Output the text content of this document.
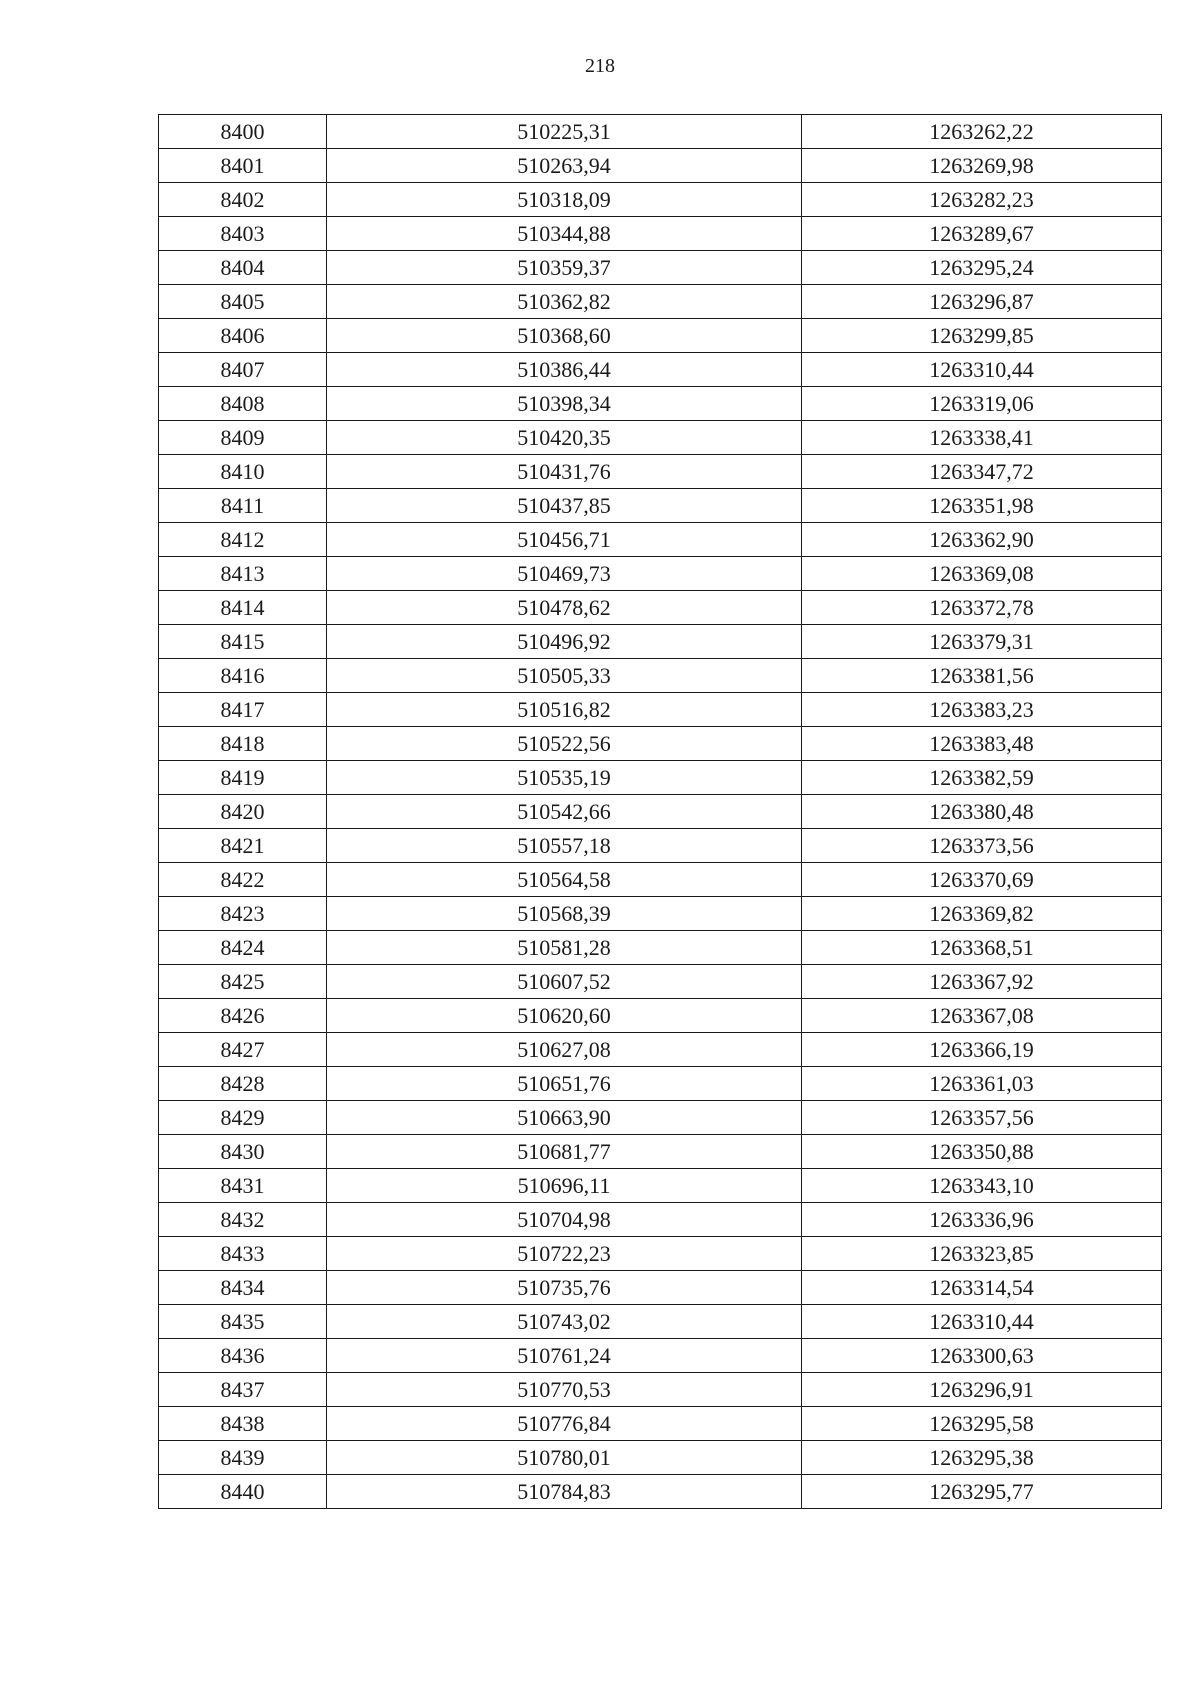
218
8400	510225,31	1263262,22
8401	510263,94	1263269,98
8402	510318,09	1263282,23
8403	510344,88	1263289,67
8404	510359,37	1263295,24
8405	510362,82	1263296,87
8406	510368,60	1263299,85
8407	510386,44	1263310,44
8408	510398,34	1263319,06
8409	510420,35	1263338,41
8410	510431,76	1263347,72
8411	510437,85	1263351,98
8412	510456,71	1263362,90
8413	510469,73	1263369,08
8414	510478,62	1263372,78
8415	510496,92	1263379,31
8416	510505,33	1263381,56
8417	510516,82	1263383,23
8418	510522,56	1263383,48
8419	510535,19	1263382,59
8420	510542,66	1263380,48
8421	510557,18	1263373,56
8422	510564,58	1263370,69
8423	510568,39	1263369,82
8424	510581,28	1263368,51
8425	510607,52	1263367,92
8426	510620,60	1263367,08
8427	510627,08	1263366,19
8428	510651,76	1263361,03
8429	510663,90	1263357,56
8430	510681,77	1263350,88
8431	510696,11	1263343,10
8432	510704,98	1263336,96
8433	510722,23	1263323,85
8434	510735,76	1263314,54
8435	510743,02	1263310,44
8436	510761,24	1263300,63
8437	510770,53	1263296,91
8438	510776,84	1263295,58
8439	510780,01	1263295,38
8440	510784,83	1263295,77
